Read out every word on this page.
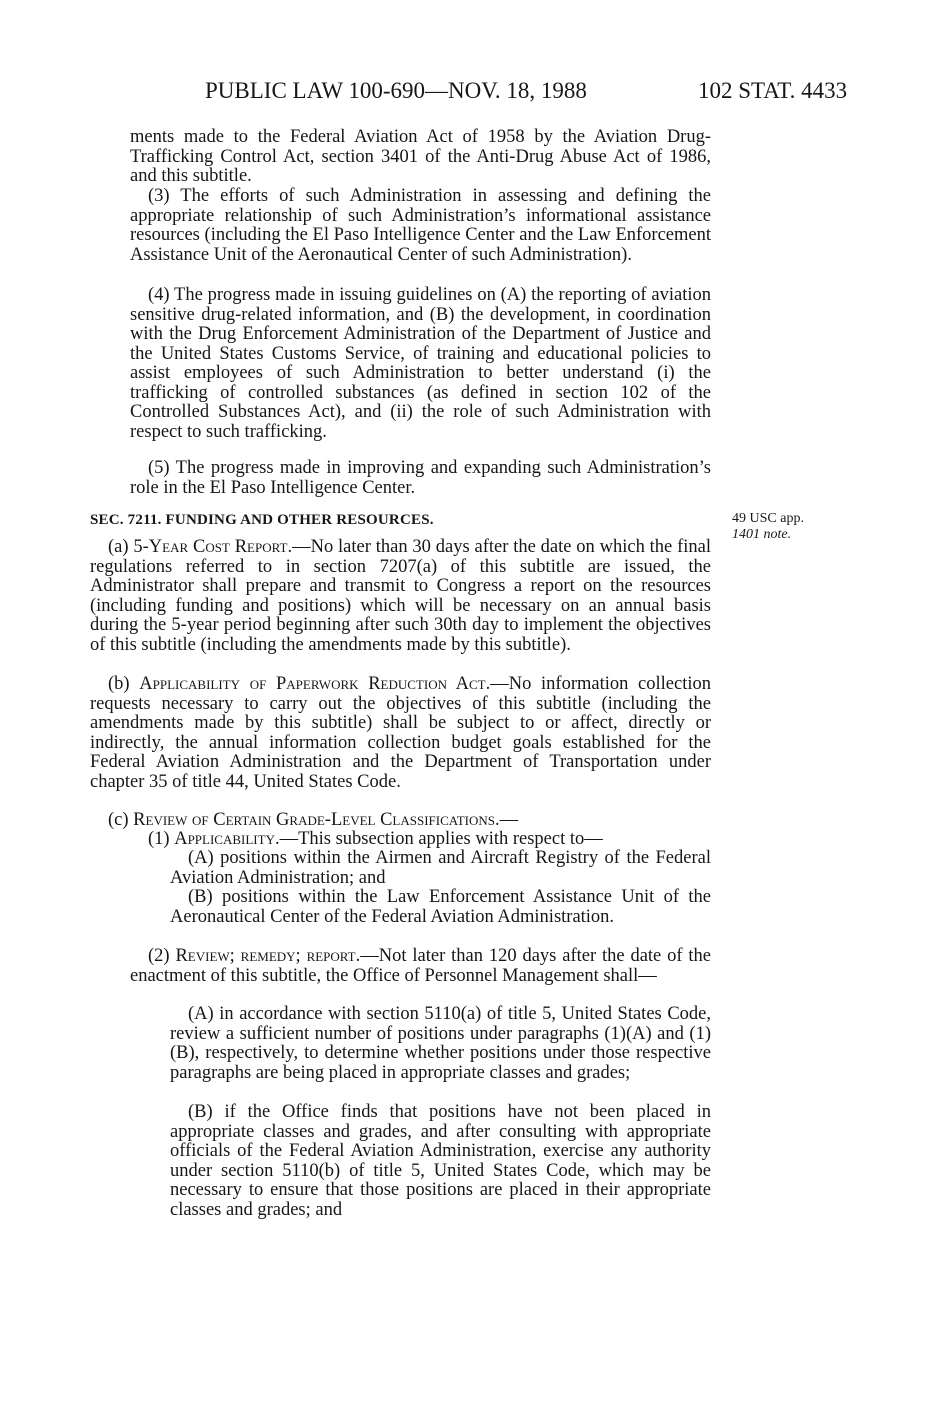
PUBLIC LAW 100-690—NOV. 18, 1988	102 STAT. 4433

ments made to the Federal Aviation Act of 1958 by the Aviation Drug-Trafficking Control Act, section 3401 of the Anti-Drug Abuse Act of 1986, and this subtitle.

(3) The efforts of such Administration in assessing and defining the appropriate relationship of such Administration’s informational assistance resources (including the El Paso Intelligence Center and the Law Enforcement Assistance Unit of the Aeronautical Center of such Administration).

(4) The progress made in issuing guidelines on (A) the reporting of aviation sensitive drug-related information, and (B) the development, in coordination with the Drug Enforcement Administration of the Department of Justice and the United States Customs Service, of training and educational policies to assist employees of such Administration to better understand (i) the trafficking of controlled substances (as defined in section 102 of the Controlled Substances Act), and (ii) the role of such Administration with respect to such trafficking.

(5) The progress made in improving and expanding such Administration’s role in the El Paso Intelligence Center.

SEC. 7211. FUNDING AND OTHER RESOURCES.	49 USC app.
1401 note.

(a) 5-Year Cost Report.—No later than 30 days after the date on which the final regulations referred to in section 7207(a) of this subtitle are issued, the Administrator shall prepare and transmit to Congress a report on the resources (including funding and positions) which will be necessary on an annual basis during the 5-year period beginning after such 30th day to implement the objectives of this subtitle (including the amendments made by this subtitle).

(b) Applicability of Paperwork Reduction Act.—No information collection requests necessary to carry out the objectives of this subtitle (including the amendments made by this subtitle) shall be subject to or affect, directly or indirectly, the annual information collection budget goals established for the Federal Aviation Administration and the Department of Transportation under chapter 35 of title 44, United States Code.

(c) Review of Certain Grade-Level Classifications.—

(1) Applicability.—This subsection applies with respect to—

(A) positions within the Airmen and Aircraft Registry of the Federal Aviation Administration; and

(B) positions within the Law Enforcement Assistance Unit of the Aeronautical Center of the Federal Aviation Administration.

(2) Review; remedy; report.—Not later than 120 days after the date of the enactment of this subtitle, the Office of Personnel Management shall—

(A) in accordance with section 5110(a) of title 5, United States Code, review a sufficient number of positions under paragraphs (1)(A) and (1)(B), respectively, to determine whether positions under those respective paragraphs are being placed in appropriate classes and grades;

(B) if the Office finds that positions have not been placed in appropriate classes and grades, and after consulting with appropriate officials of the Federal Aviation Administration, exercise any authority under section 5110(b) of title 5, United States Code, which may be necessary to ensure that those positions are placed in their appropriate classes and grades; and
